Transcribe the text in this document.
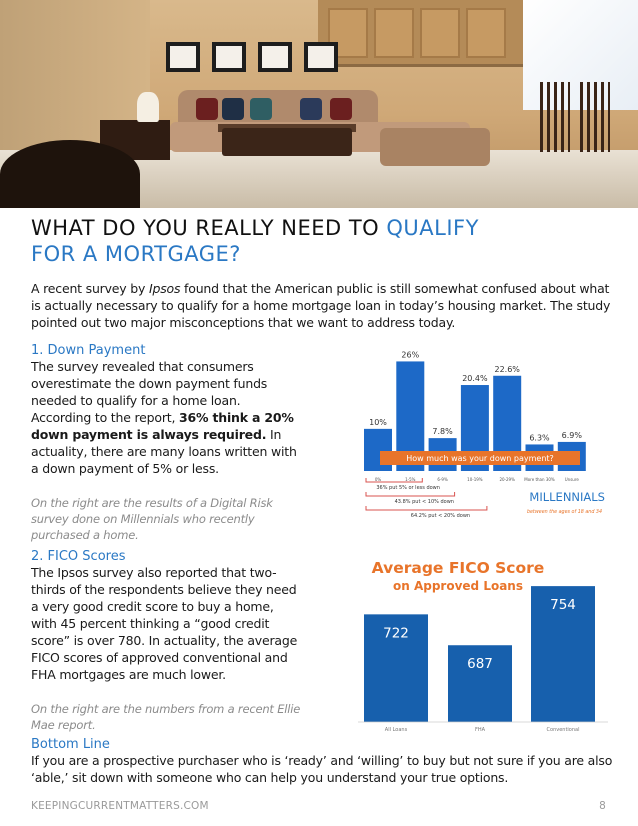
WHAT DO YOU REALLY NEED TO QUALIFY
FOR A MORTGAGE?

A recent survey by Ipsos found that the American public is still somewhat confused about what is actually necessary to qualify for a home mortgage loan in today’s housing market. The study pointed out two major misconceptions that we want to address today.

1. Down Payment

The survey revealed that consumers overestimate the down payment funds needed to qualify for a home loan. According to the report, 36% think a 20% down payment is always required. In actuality, there are many loans written with a down payment of 5% or less.

On the right are the results of a Digital Risk survey done on Millennials who recently purchased a home.

2. FICO Scores

The Ipsos survey also reported that two-thirds of the respondents believe they need a very good credit score to buy a home, with 45 percent thinking a “good credit score” is over 780. In actuality, the average FICO scores of approved conventional and FHA mortgages are much lower.

On the right are the numbers from a recent Ellie Mae report.

10%
0%
26%
1-5%
7.8%
6-9%
20.4%
10-19%
22.6%
20-29%
6.3%
More than 30%
6.9%
Unsure
How much was your down payment?
36% put 5% or less down
43.8% put < 10% down
64.2% put < 20% down
MILLENNIALS
between the ages of 18 and 34
Average FICO Score
on Approved Loans
722
All Loans
687
FHA
754
Conventional
Bottom Line

If you are a prospective purchaser who is ‘ready’ and ‘willing’ to buy but not sure if you are also ‘able,’ sit down with someone who can help you understand your true options.

KEEPINGCURRENTMATTERS.COM	8
